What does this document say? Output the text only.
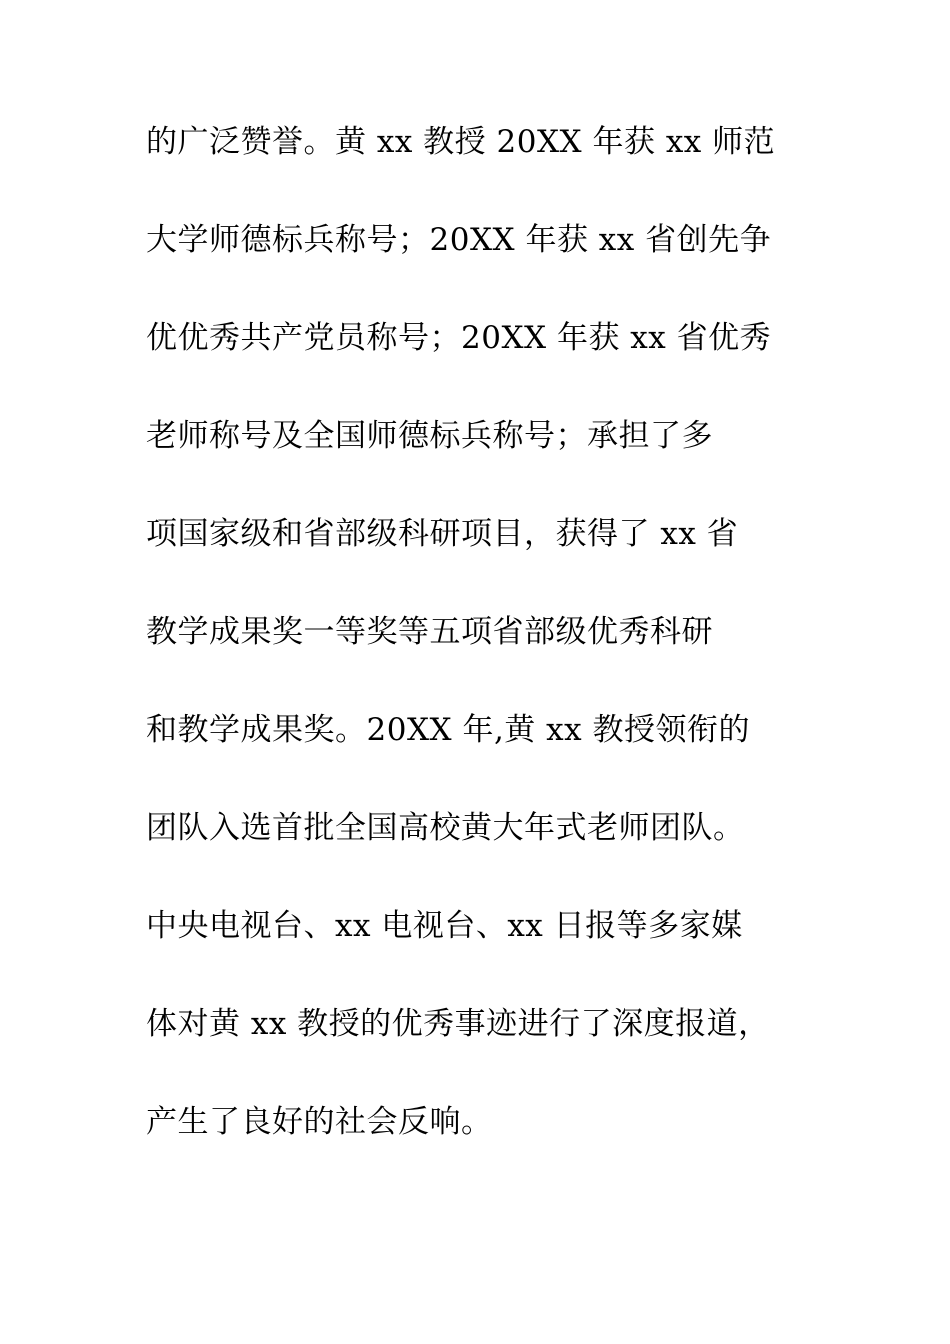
的广泛赞誉。黄 xx 教授 20XX 年获 xx 师范
大学师德标兵称号；20XX 年获 xx 省创先争
优优秀共产党员称号；20XX 年获 xx 省优秀
老师称号及全国师德标兵称号；承担了多
项国家级和省部级科研项目，获得了 xx 省
教学成果奖一等奖等五项省部级优秀科研
和教学成果奖。20XX 年,黄 xx 教授领衔的
团队入选首批全国高校黄大年式老师团队。
中央电视台、xx 电视台、xx 日报等多家媒
体对黄 xx 教授的优秀事迹进行了深度报道，
产生了良好的社会反响。
